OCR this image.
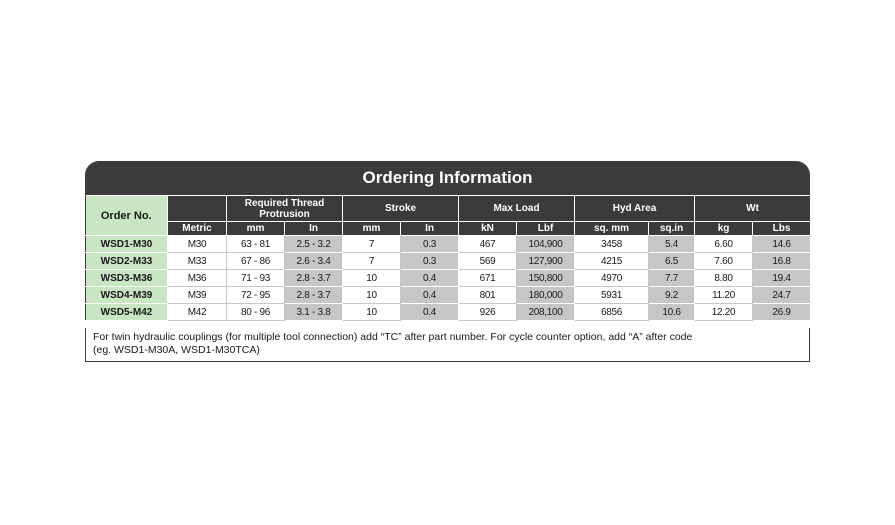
Ordering Information
Order No.		Required Thread Protrusion		Stroke		Max Load		Hyd Area		Wt	
	Metric	mm	In	mm	In	kN	Lbf	sq. mm	sq.in	kg	Lbs
WSD1-M30	M30	63 - 81	2.5 - 3.2	7	0.3	467	104,900	3458	5.4	6.60	14.6
WSD2-M33	M33	67 - 86	2.6 - 3.4	7	0.3	569	127,900	4215	6.5	7.60	16.8
WSD3-M36	M36	71 - 93	2.8 - 3.7	10	0.4	671	150,800	4970	7.7	8.80	19.4
WSD4-M39	M39	72 - 95	2.8 - 3.7	10	0.4	801	180,000	5931	9.2	11.20	24.7
WSD5-M42	M42	80 - 96	3.1 - 3.8	10	0.4	926	208,100	6856	10.6	12.20	26.9
For twin hydraulic couplings (for multiple tool connection) add “TC” after part number. For cycle counter option, add “A” after code
(eg. WSD1-M30A, WSD1-M30TCA)
